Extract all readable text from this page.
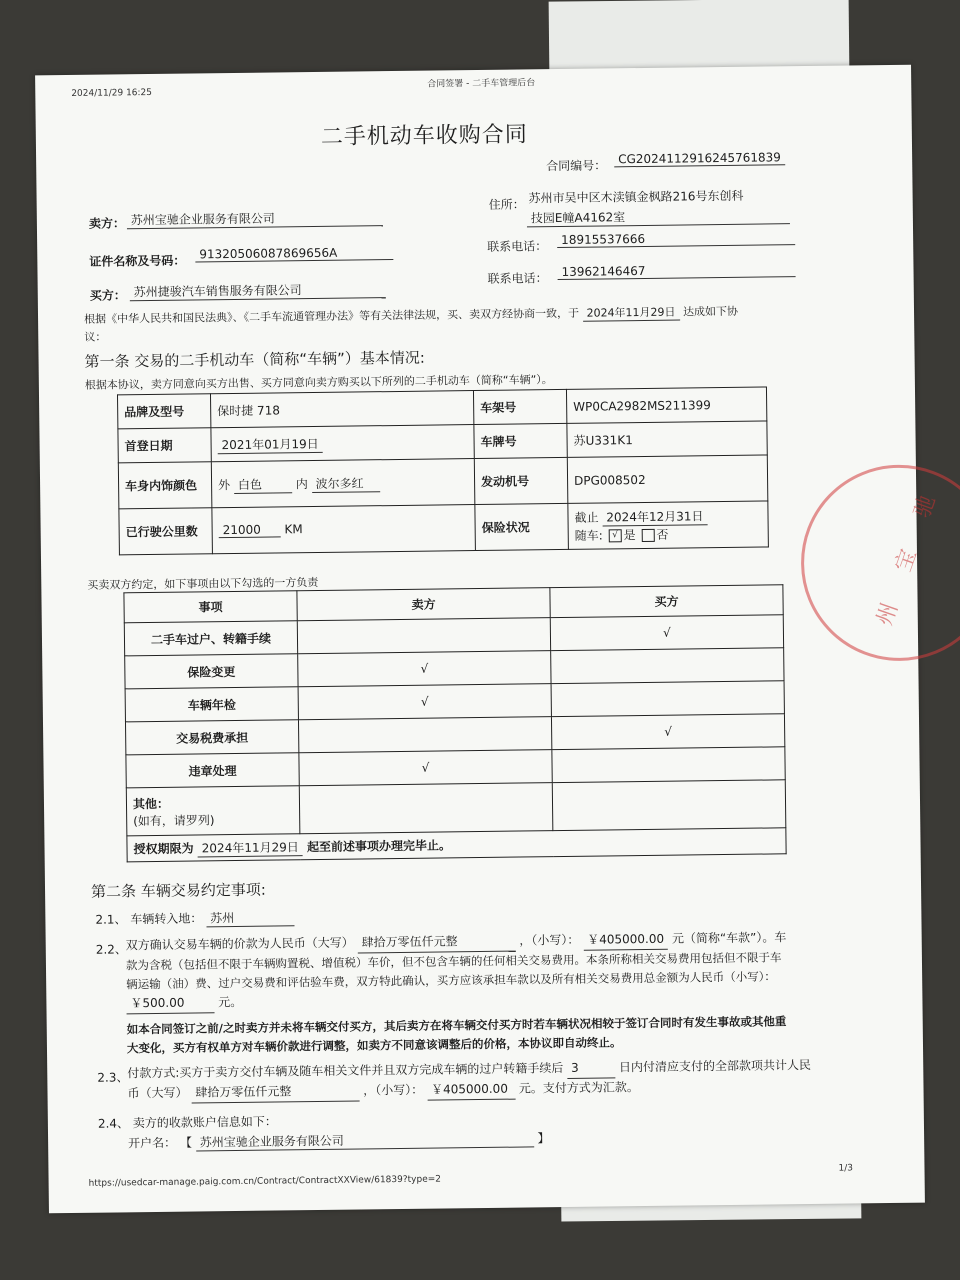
2024/11/29 16:25
合同签署 - 二手车管理后台
二手机动车收购合同
合同编号： CG2024112916245761839
卖方： 苏州宝驰企业服务有限公司
住所： 苏州市吴中区木渎镇金枫路216号东创科
技园E幢A4162室
证件名称及号码：	91320506087869656A	联系电话：	18915537666
买方： 苏州捷骏汽车销售服务有限公司
联系电话：	13962146467
根据《中华人民共和国民法典》、《二手车流通管理办法》等有关法律法规，买、卖双方经协商一致，于 2024年11月29日 达成如下协
议：
第一条 交易的二手机动车（简称“车辆”）基本情况:
根据本协议，卖方同意向买方出售、买方同意向卖方购买以下所列的二手机动车（简称“车辆”）。
品牌及型号	保时捷 718	车架号	WP0CA2982MS211399
首登日期	2021年01月19日	车牌号	苏U331K1
车身内饰颜色	外 白色 内 波尔多红	发动机号	DPG008502
已行驶公里数	21000 KM	保险状况	截止 2024年12月31日
随车: √ 是 否
买卖双方约定，如下事项由以下勾选的一方负责
事项	卖方	买方
二手车过户、转籍手续		√
保险变更	√	
车辆年检	√	
交易税费承担		√
违章处理	√	

其他：
(如有，请罗列)		

授权期限为 2024年11月29日 起至前述事项办理完毕止。		
第二条 车辆交易约定事项:
2.1、 车辆转入地： 苏州
2.2、
双方确认交易车辆的价款为人民币（大写） 肆拾万零伍仟元整	，（小写）： ￥405000.00 元（简称“车款”）。车
款为含税（包括但不限于车辆购置税、增值税）车价，但不包含车辆的任何相关交易费用。本条所称相关交易费用包括但不限于车
辆运输（油）费、过户交易费和评估验车费，双方特此确认，买方应该承担车款以及所有相关交易费用总金额为人民币（小写）：
￥500.00	元。
如本合同签订之前/之时卖方并未将车辆交付买方，其后卖方在将车辆交付买方时若车辆状况相较于签订合同时有发生事故或其他重
大变化，买方有权单方对车辆价款进行调整，如卖方不同意该调整后的价格，本协议即自动终止。
2.3、
付款方式:买方于卖方交付车辆及随车相关文件并且双方完成车辆的过户转籍手续后 3	日内付清应支付的全部款项共计人民
币（大写） 肆拾万零伍仟元整	，（小写）： ￥405000.00 元。支付方式为汇款。
2.4、 卖方的收款账户信息如下：
开户名： 【 苏州宝驰企业服务有限公司	】
https://usedcar-manage.paig.com.cn/Contract/ContractXXView/61839?type=2
1/3
州 宝 驰
